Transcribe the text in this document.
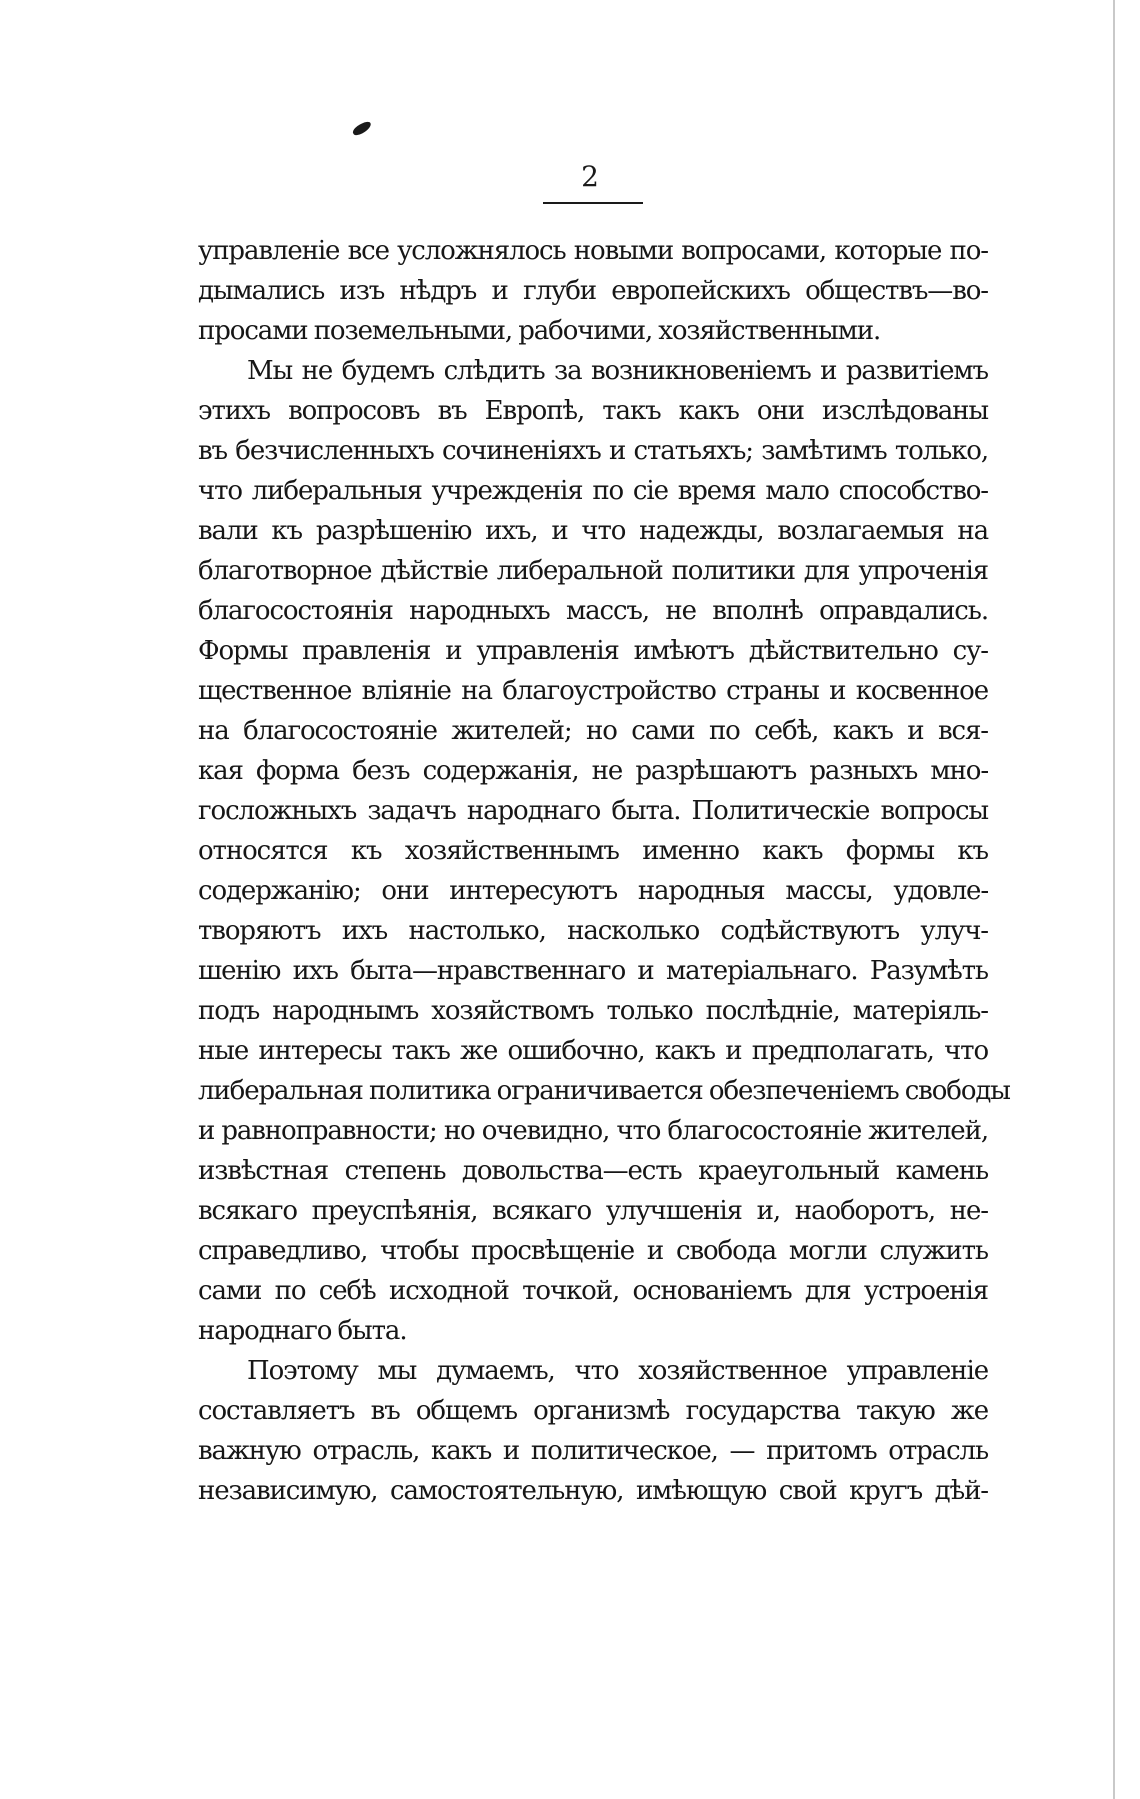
2
управленіе все усложнялось новыми вопросами, которые по-
дымались изъ нѣдръ и глуби европейскихъ обществъ—во-
просами поземельными, рабочими, хозяйственными.
Мы не будемъ слѣдить за возникновеніемъ и развитіемъ
этихъ вопросовъ въ Европѣ, такъ какъ они изслѣдованы
въ безчисленныхъ сочиненіяхъ и статьяхъ; замѣтимъ только,
что либеральныя учрежденія по сіе время мало способство-
вали къ разрѣшенію ихъ, и что надежды, возлагаемыя на
благотворное дѣйствіе либеральной политики для упроченія
благосостоянія народныхъ массъ, не вполнѣ оправдались.
Формы правленія и управленія имѣютъ дѣйствительно су-
щественное вліяніе на благоустройство страны и косвенное
на благосостояніе жителей; но сами по себѣ, какъ и вся-
кая форма безъ содержанія, не разрѣшаютъ разныхъ мно-
госложныхъ задачъ народнаго быта. Политическіе вопросы
относятся къ хозяйственнымъ именно какъ формы къ
содержанію; они интересуютъ народныя массы, удовле-
творяютъ ихъ настолько, насколько содѣйствуютъ улуч-
шенію ихъ быта—нравственнаго и матеріальнаго. Разумѣть
подъ народнымъ хозяйствомъ только послѣдніе, матеріяль-
ные интересы такъ же ошибочно, какъ и предполагать, что
либеральная политика ограничивается обезпеченіемъ свободы
и равноправности; но очевидно, что благосостояніе жителей,
извѣстная степень довольства—есть краеугольный камень
всякаго преуспѣянія, всякаго улучшенія и, наоборотъ, не-
справедливо, чтобы просвѣщеніе и свобода могли служить
сами по себѣ исходной точкой, основаніемъ для устроенія
народнаго быта.
Поэтому мы думаемъ, что хозяйственное управленіе
составляетъ въ общемъ организмѣ государства такую же
важную отрасль, какъ и политическое, — притомъ отрасль
независимую, самостоятельную, имѣющую свой кругъ дѣй-
